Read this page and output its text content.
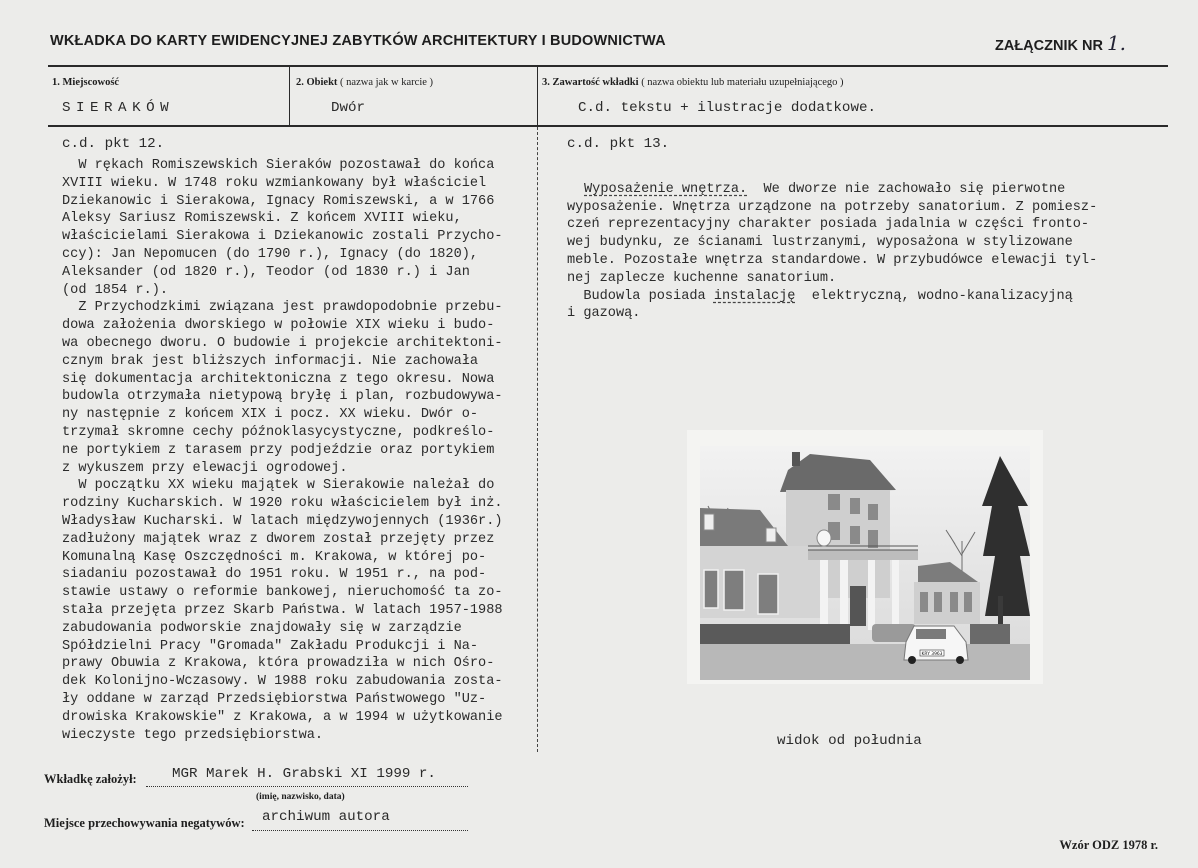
WKŁADKA DO KARTY EWIDENCYJNEJ ZABYTKÓW ARCHITEKTURY I BUDOWNICTWA	ZAŁĄCZNIK NR 1.
1. Miejscowość	2. Obiekt ( nazwa jak w karcie )	3. Zawartość wkładki ( nazwa obiektu lub materiału uzupełniającego )
SIERAKÓW	Dwór	C.d. tekstu + ilustracje dodatkowe.
c.d. pkt 12.
W rękach Romiszewskich Sieraków pozostawał do końca
XVIII wieku. W 1748 roku wzmiankowany był właściciel
Dziekanowic i Sierakowa, Ignacy Romiszewski, a w 1766
Aleksy Sariusz Romiszewski. Z końcem XVIII wieku,
właścicielami Sierakowa i Dziekanowic zostali Przycho-
ccy): Jan Nepomucen (do 1790 r.), Ignacy (do 1820),
Aleksander (od 1820 r.), Teodor (od 1830 r.) i Jan
(od 1854 r.).
Z Przychodzkimi związana jest prawdopodobnie przebu-
dowa założenia dworskiego w połowie XIX wieku i budo-
wa obecnego dworu. O budowie i projekcie architektoni-
cznym brak jest bliższych informacji. Nie zachowała
się dokumentacja architektoniczna z tego okresu. Nowa
budowla otrzymała nietypową bryłę i plan, rozbudowywa-
ny następnie z końcem XIX i pocz. XX wieku. Dwór o-
trzymał skromne cechy późnoklasycystyczne, podkreślo-
ne portykiem z tarasem przy podjeździe oraz portykiem
z wykuszem przy elewacji ogrodowej.
W początku XX wieku majątek w Sierakowie należał do
rodziny Kucharskich. W 1920 roku właścicielem był inż.
Władysław Kucharski. W latach międzywojennych (1936r.)
zadłużony majątek wraz z dworem został przejęty przez
Komunalną Kasę Oszczędności m. Krakowa, w której po-
siadaniu pozostawał do 1951 roku. W 1951 r., na pod-
stawie ustawy o reformie bankowej, nieruchomość ta zo-
stała przejęta przez Skarb Państwa. W latach 1957-1988
zabudowania podworskie znajdowały się w zarządzie
Spółdzielni Pracy "Gromada" Zakładu Produkcji i Na-
prawy Obuwia z Krakowa, która prowadziła w nich Ośro-
dek Kolonijno-Wczasowy. W 1988 roku zabudowania zosta-
ły oddane w zarząd Przedsiębiorstwa Państwowego "Uz-
drowiska Krakowskie" z Krakowa, a w 1994 w użytkowanie
wieczyste tego przedsiębiorstwa.
c.d. pkt 13.

Wyposażenie wnętrza.  We dworze nie zachowało się pierwotne
wyposażenie. Wnętrza urządzone na potrzeby sanatorium. Z pomiesz-
czeń reprezentacyjny charakter posiada jadalnia w części fronto-
wej budynku, ze ścianami lustrzanymi, wyposażona w stylizowane
meble. Pozostałe wnętrza standardowe. W przybudówce elewacji tyl-
nej zaplecze kuchenne sanatorium.
Budowla posiada instalację  elektryczną, wodno-kanalizacyjną
i gazową.
KRY 3963
widok od południa
Wkładkę założył: MGR Marek H. Grabski XI 1999 r.
(imię, nazwisko, data)
Miejsce przechowywania negatywów: archiwum autora
Wzór ODZ 1978 r.
